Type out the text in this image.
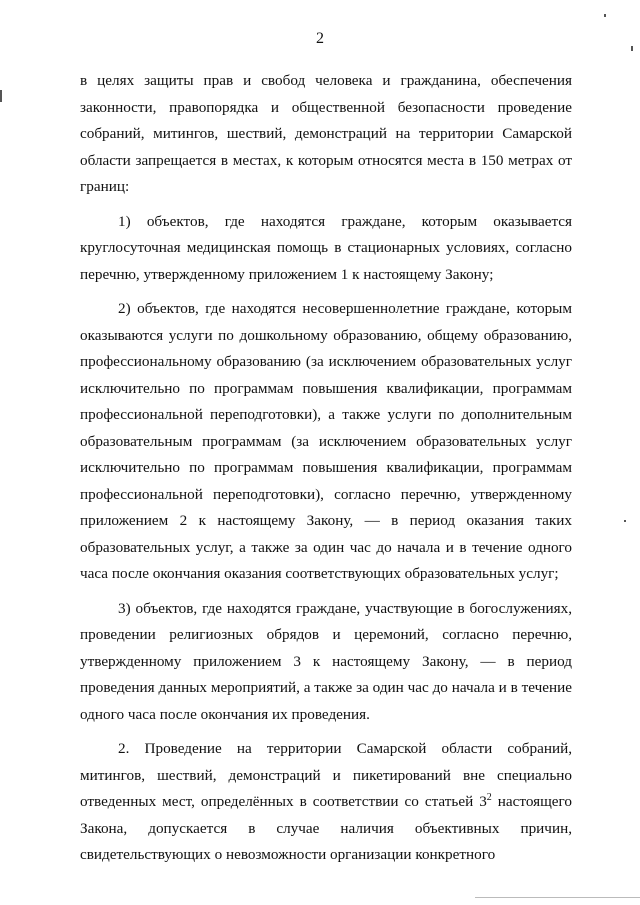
2

в целях защиты прав и свобод человека и гражданина, обеспечения законности, правопорядка и общественной безопасности проведение собраний, митингов, шествий, демонстраций на территории Самарской области запрещается в местах, к которым относятся места в 150 метрах от границ:

1) объектов, где находятся граждане, которым оказывается круглосуточная медицинская помощь в стационарных условиях, согласно перечню, утвержденному приложением 1 к настоящему Закону;

2) объектов, где находятся несовершеннолетние граждане, которым оказываются услуги по дошкольному образованию, общему образованию, профессиональному образованию (за исключением образовательных услуг исключительно по программам повышения квалификации, программам профессиональной переподготовки), а также услуги по дополнительным образовательным программам (за исключением образовательных услуг исключительно по программам повышения квалификации, программам профессиональной переподготовки), согласно перечню, утвержденному приложением 2 к настоящему Закону, — в период оказания таких образовательных услуг, а также за один час до начала и в течение одного часа после окончания оказания соответствующих образовательных услуг;

3) объектов, где находятся граждане, участвующие в богослужениях, проведении религиозных обрядов и церемоний, согласно перечню, утвержденному приложением 3 к настоящему Закону, — в период проведения данных мероприятий, а также за один час до начала и в течение одного часа после окончания их проведения.

2. Проведение на территории Самарской области собраний, митингов, шествий, демонстраций и пикетирований вне специально отведенных мест, определённых в соответствии со статьей $3^2$ настоящего Закона, допускается в случае наличия объективных причин, свидетельствующих о невозможности организации конкретного
